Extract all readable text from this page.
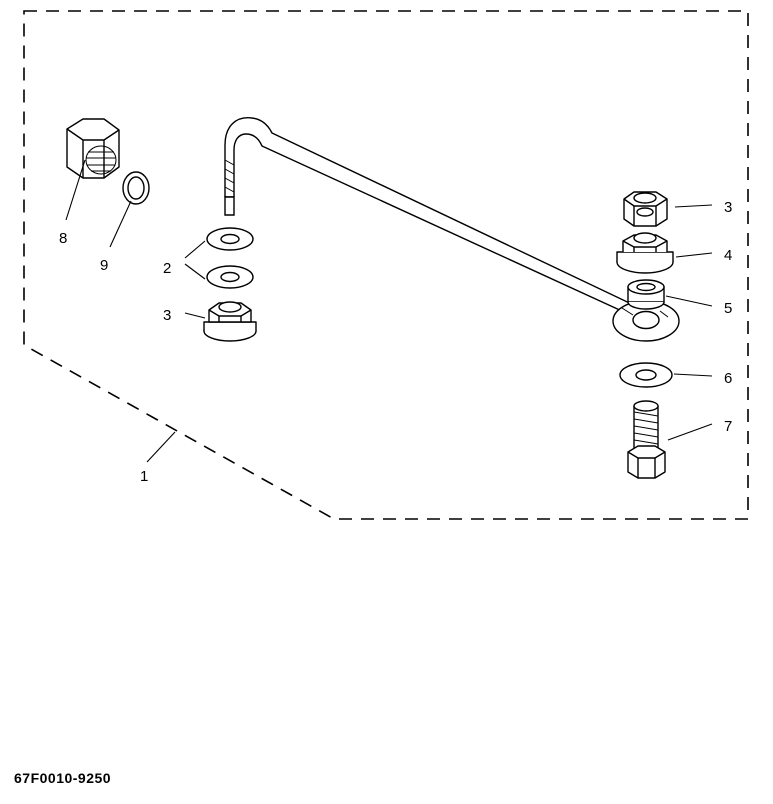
1
2
3
3
4
5
6
7
8
9
67F0010-9250
